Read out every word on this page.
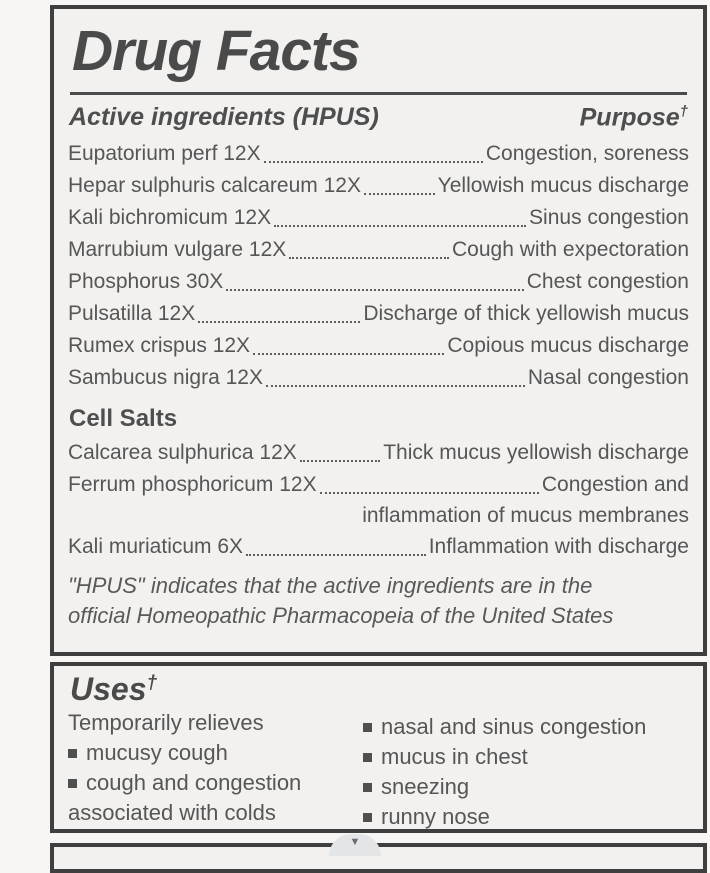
Drug Facts
Active ingredients (HPUS)	Purpose†
Eupatorium perf 12X	Congestion, soreness
Hepar sulphuris calcareum 12X	Yellowish mucus discharge
Kali bichromicum 12X	Sinus congestion
Marrubium vulgare 12X	Cough with expectoration
Phosphorus 30X	Chest congestion
Pulsatilla 12X	Discharge of thick yellowish mucus
Rumex crispus 12X	Copious mucus discharge
Sambucus nigra 12X	Nasal congestion
Cell Salts
Calcarea sulphurica 12X	Thick mucus yellowish discharge
Ferrum phosphoricum 12X	Congestion and
inflammation of mucus membranes
Kali muriaticum 6X	Inflammation with discharge
"HPUS" indicates that the active ingredients are in the
official Homeopathic Pharmacopeia of the United States
Uses†
Temporarily relieves
mucusy cough
cough and congestion
associated with colds
nasal and sinus congestion
mucus in chest
sneezing
runny nose
▼
